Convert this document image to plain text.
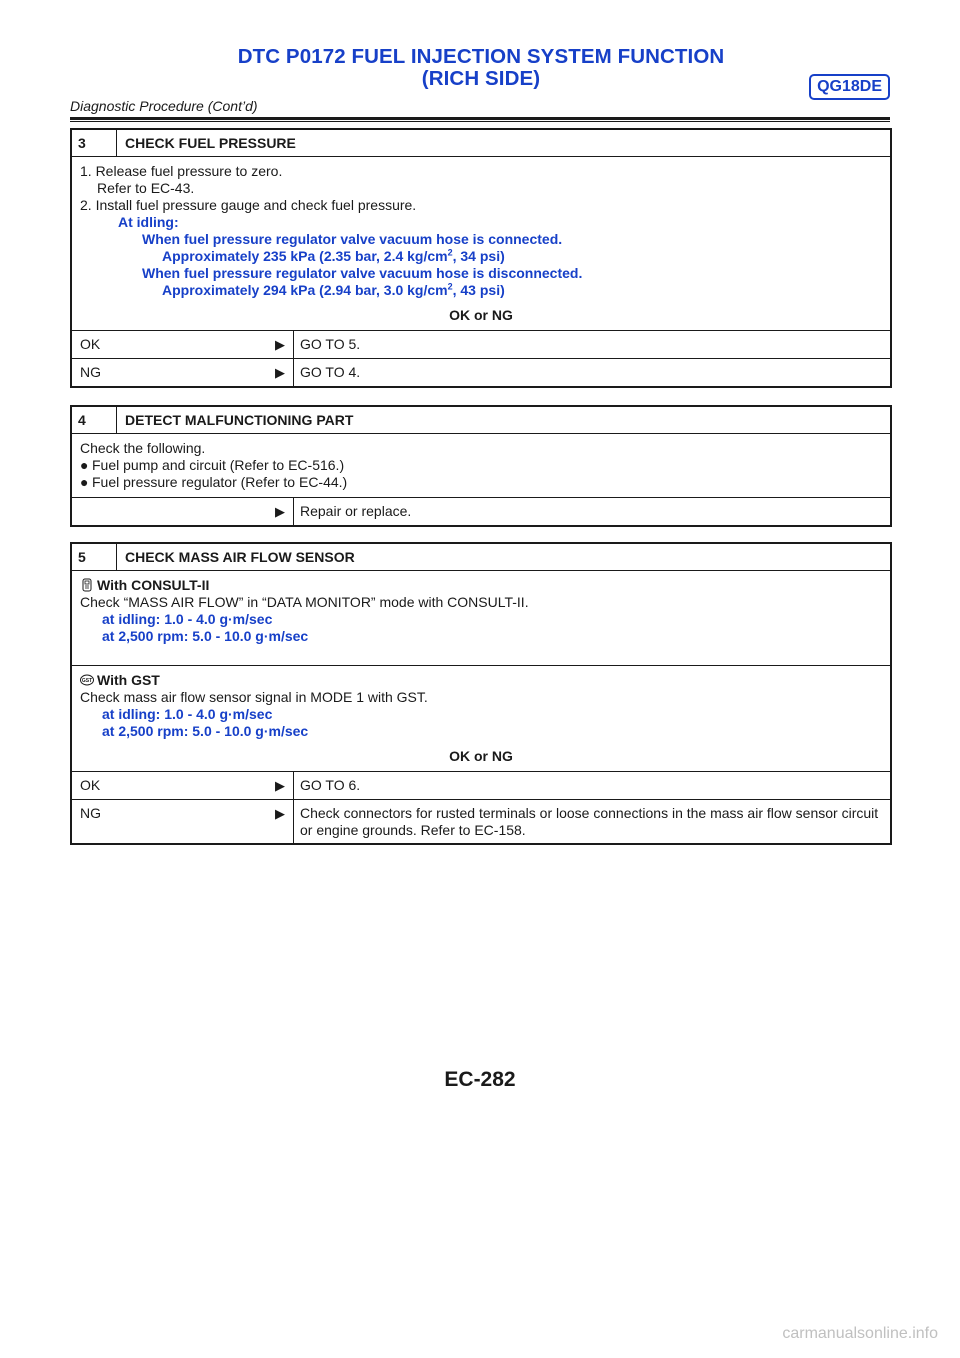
DTC P0172 FUEL INJECTION SYSTEM FUNCTION
(RICH SIDE)	QG18DE
Diagnostic Procedure (Cont’d)
3	CHECK FUEL PRESSURE
1. Release fuel pressure to zero.
Refer to EC-43.
2. Install fuel pressure gauge and check fuel pressure.
At idling:
When fuel pressure regulator valve vacuum hose is connected.
Approximately 235 kPa (2.35 bar, 2.4 $kg/cm^2$, 34 psi)
When fuel pressure regulator valve vacuum hose is disconnected.
Approximately 294 kPa (2.94 bar, 3.0 $kg/cm^2$, 43 psi)
OK or NG
OK	▶	GO TO 5.
NG	▶	GO TO 4.
4	DETECT MALFUNCTIONING PART
Check the following.
● Fuel pump and circuit (Refer to EC-516.)
● Fuel pressure regulator (Refer to EC-44.)
▶	Repair or replace.
5	CHECK MASS AIR FLOW SENSOR
With CONSULT-II
Check “MASS AIR FLOW” in “DATA MONITOR” mode with CONSULT-II.
at idling: 1.0 - 4.0 g·m/sec
at 2,500 rpm: 5.0 - 10.0 g·m/sec
GST With GST
Check mass air flow sensor signal in MODE 1 with GST.
at idling: 1.0 - 4.0 g·m/sec
at 2,500 rpm: 5.0 - 10.0 g·m/sec
OK or NG
OK	▶	GO TO 6.
NG	▶	Check connectors for rusted terminals or loose connections in the mass air flow sensor circuit or engine grounds. Refer to EC-158.
EC-282
carmanualsonline.info
